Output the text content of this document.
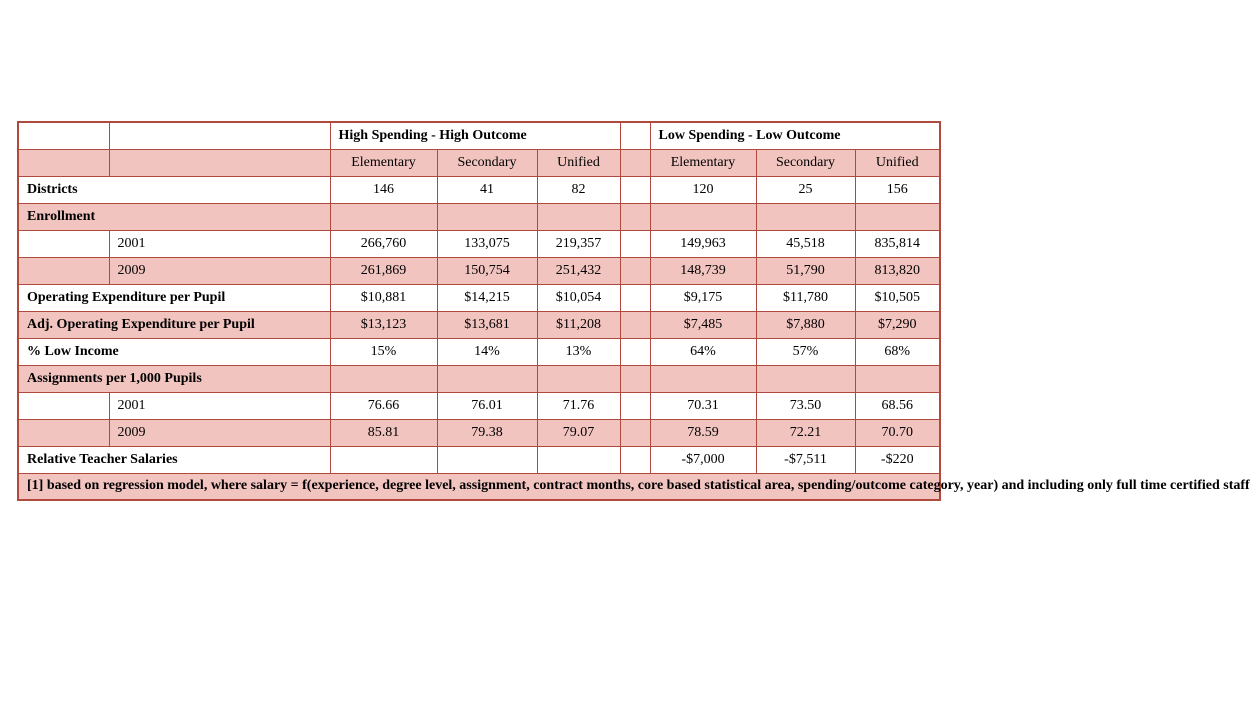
		High Spending - High Outcome				Low Spending - Low Outcome		
		Elementary	Secondary	Unified		Elementary	Secondary	Unified
Districts		146	41	82		120	25	156
Enrollment								
	2001	266,760	133,075	219,357		149,963	45,518	835,814
	2009	261,869	150,754	251,432		148,739	51,790	813,820
Operating Expenditure per Pupil		$10,881	$14,215	$10,054		$9,175	$11,780	$10,505
Adj. Operating Expenditure per Pupil		$13,123	$13,681	$11,208		$7,485	$7,880	$7,290
% Low Income		15%	14%	13%		64%	57%	68%
Assignments per 1,000 Pupils								
	2001	76.66	76.01	71.76		70.31	73.50	68.56
	2009	85.81	79.38	79.07		78.59	72.21	70.70
Relative Teacher Salaries						-$7,000	-$7,511	-$220
[1] based on regression model, where salary = f(experience, degree level, assignment, contract months, core based statistical area, spending/outcome category, year) and including only full time certified staff								
